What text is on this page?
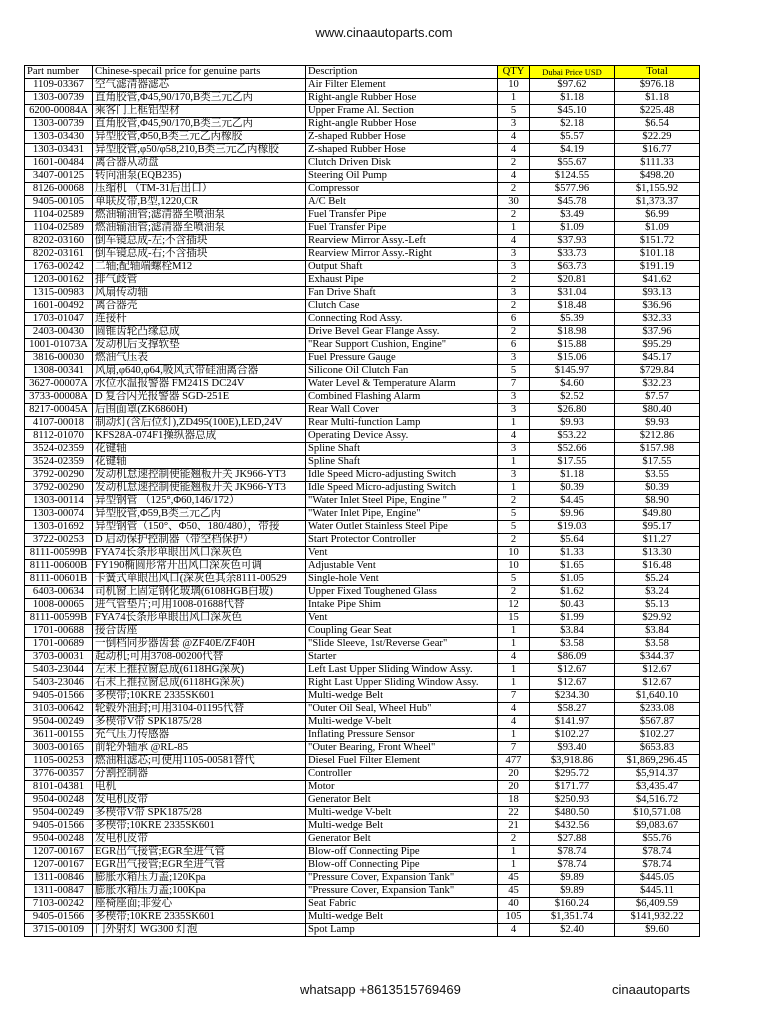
www.cinaautoparts.com
Part number	Chinese-specail price for genuine parts	Description	QTY	Dubai Price USD	Total
1109-03367	空气滤清器滤芯	Air Filter Element	10	$97.62	$976.18
1303-00739	直角胶管,Φ45,90/170,B类三元乙丙	Right-angle Rubber Hose	1	$1.18	$1.18
6200-00084A	乘客门上框铝型材	Upper Frame Al. Section	5	$45.10	$225.48
1303-00739	直角胶管,Φ45,90/170,B类三元乙丙	Right-angle Rubber Hose	3	$2.18	$6.54
1303-03430	异型胶管,Φ50,B类三元乙丙橡胶	Z-shaped Rubber Hose	4	$5.57	$22.29
1303-03431	异型胶管,φ50/φ58,210,B类三元乙丙橡胶	Z-shaped Rubber Hose	4	$4.19	$16.77
1601-00484	离合器从动盘	Clutch Driven Disk	2	$55.67	$111.33
3407-00125	转向油泵(EQB235)	Steering Oil Pump	4	$124.55	$498.20
8126-00068	压缩机 （TM-31后出口）	Compressor	2	$577.96	$1,155.92
9405-00105	单联皮带,B型,1220,CR	A/C Belt	30	$45.78	$1,373.37
1104-02589	燃油输油管;滤清器至喷油泵	Fuel Transfer Pipe	2	$3.49	$6.99
1104-02589	燃油输油管;滤清器至喷油泵	Fuel Transfer Pipe	1	$1.09	$1.09
8202-03160	倒车镜总成-左;不含插块	Rearview Mirror Assy.-Left	4	$37.93	$151.72
8202-03161	倒车镜总成-右;不含插块	Rearview Mirror Assy.-Right	3	$33.73	$101.18
1763-00242	二轴;配轴端螺栓M12	Output Shaft	3	$63.73	$191.19
1203-00162	排气歧管	Exhaust Pipe	2	$20.81	$41.62
1315-00983	风扇传动轴	Fan Drive Shaft	3	$31.04	$93.13
1601-00492	离合器壳	Clutch Case	2	$18.48	$36.96
1703-01047	连接杆	Connecting Rod Assy.	6	$5.39	$32.33
2403-00430	圆锥齿轮凸缘总成	Drive Bevel Gear Flange Assy.	2	$18.98	$37.96
1001-01073A	发动机后支撑软垫	"Rear Support Cushion, Engine"	6	$15.88	$95.29
3816-00030	燃油气压表	Fuel Pressure Gauge	3	$15.06	$45.17
1308-00341	风扇,φ640,φ64,吸风式带硅油离合器	Silicone Oil Clutch Fan	5	$145.97	$729.84
3627-00007A	水位水温报警器 FM241S DC24V	Water Level & Temperature Alarm	7	$4.60	$32.23
3733-00008A	D 复合闪光报警器 SGD-251E	Combined Flashing Alarm	3	$2.52	$7.57
8217-00045A	后围面罩(ZK6860H)	Rear Wall Cover	3	$26.80	$80.40
4107-00018	制动灯(含后位灯),ZD495(100E),LED,24V	Rear Multi-function Lamp	1	$9.93	$9.93
8112-01070	KFS28A-074F1操纵器总成	Operating Device Assy.	4	$53.22	$212.86
3524-02359	花键轴	Spline Shaft	3	$52.66	$157.98
3524-02359	花键轴	Spline Shaft	1	$17.55	$17.55
3792-00290	发动机怠速控制使能翘板开关 JK966-YT3	Idle Speed Micro-adjusting Switch	3	$1.18	$3.55
3792-00290	发动机怠速控制使能翘板开关 JK966-YT3	Idle Speed Micro-adjusting Switch	1	$0.39	$0.39
1303-00114	异型钢管 （125°,Φ60,146/172）	"Water Inlet Steel Pipe, Engine "	2	$4.45	$8.90
1303-00074	异型胶管,Φ59,B类三元乙丙	"Water Inlet Pipe, Engine"	5	$9.96	$49.80
1303-01692	异型钢管（150°、Φ50、180/480），带接	Water Outlet Stainless Steel Pipe	5	$19.03	$95.17
3722-00253	D 启动保护控制器（带空档保护）	Start Protector Controller	2	$5.64	$11.27
8111-00599B	FYA74长条形单眼出风口深灰色	Vent	10	$1.33	$13.30
8111-00600B	FY190椭圆形常开出风口深灰色可调	Adjustable Vent	10	$1.65	$16.48
8111-00601B	卡簧式单眼出风口(深灰色其余8111-00529	Single-hole Vent	5	$1.05	$5.24
6403-00634	司机窗上固定钢化玻璃(6108HGB白玻)	Upper Fixed Toughened Glass	2	$1.62	$3.24
1008-00065	进气管垫片;可用1008-01688代替	Intake Pipe Shim	12	$0.43	$5.13
8111-00599B	FYA74长条形单眼出风口深灰色	Vent	15	$1.99	$29.92
1701-00688	接合齿座	Coupling Gear Seat	1	$3.84	$3.84
1701-00689	一倒档同步器齿套 @ZF40E/ZF40H	"Slide Sleeve, 1st/Reverse Gear"	1	$3.58	$3.58
3703-00031	起动机;可用3708-00200代替	Starter	4	$86.09	$344.37
5403-23044	左末上推拉窗总成(6118HG深灰)	Left Last Upper Sliding Window Assy.	1	$12.67	$12.67
5403-23046	右末上推拉窗总成(6118HG深灰)	Right Last Upper Sliding Window Assy.	1	$12.67	$12.67
9405-01566	多楔带;10KRE 2335SK601	Multi-wedge Belt	7	$234.30	$1,640.10
3103-00642	轮毂外油封;可用3104-01195代替	"Outer Oil Seal, Wheel Hub"	4	$58.27	$233.08
9504-00249	多楔带V带 SPK1875/28	Multi-wedge V-belt	4	$141.97	$567.87
3611-00155	充气压力传感器	Inflating Pressure Sensor	1	$102.27	$102.27
3003-00165	前轮外轴承 @RL-85	"Outer Bearing, Front Wheel"	7	$93.40	$653.83
1105-00253	燃油粗滤芯;可使用1105-00581替代	Diesel Fuel Filter Element	477	$3,918.86	$1,869,296.45
3776-00357	分割控制器	Controller	20	$295.72	$5,914.37
8101-04381	电机	Motor	20	$171.77	$3,435.47
9504-00248	发电机皮带	Generator Belt	18	$250.93	$4,516.72
9504-00249	多楔带V带 SPK1875/28	Multi-wedge V-belt	22	$480.50	$10,571.08
9405-01566	多楔带;10KRE 2335SK601	Multi-wedge Belt	21	$432.56	$9,083.67
9504-00248	发电机皮带	Generator Belt	2	$27.88	$55.76
1207-00167	EGR出气接管;EGR至进气管	Blow-off Connecting Pipe	1	$78.74	$78.74
1207-00167	EGR出气接管;EGR至进气管	Blow-off Connecting Pipe	1	$78.74	$78.74
1311-00846	膨胀水箱压力盖;120Kpa	"Pressure Cover, Expansion Tank"	45	$9.89	$445.05
1311-00847	膨胀水箱压力盖;100Kpa	"Pressure Cover, Expansion Tank"	45	$9.89	$445.11
7103-00242	座椅座面;非爱心	Seat Fabric	40	$160.24	$6,409.59
9405-01566	多楔带;10KRE 2335SK601	Multi-wedge Belt	105	$1,351.74	$141,932.22
3715-00109	门外射灯 WG300 灯泡	Spot Lamp	4	$2.40	$9.60
whatsapp +8613515769469	cinaautoparts
